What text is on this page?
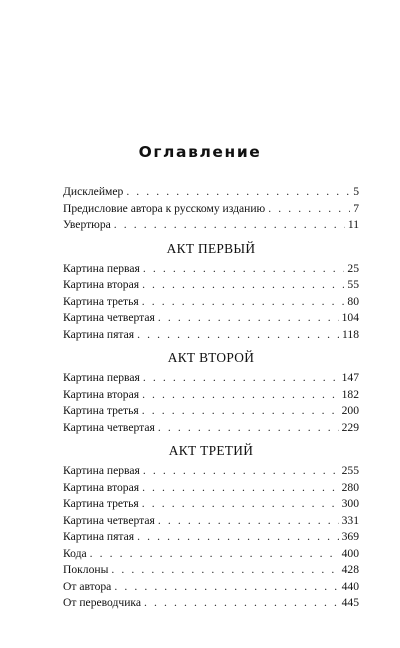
Оглавление
Дисклеймер . . .	5
Предисловие автора к русскому изданию . . .	7
Увертюра . . .	11
АКТ ПЕРВЫЙ
Картина первая . . .	25
Картина вторая . . .	55
Картина третья . . .	80
Картина четвертая . . .	104
Картина пятая . . .	118
АКТ ВТОРОЙ
Картина первая . . .	147
Картина вторая . . .	182
Картина третья . . .	200
Картина четвертая . . .	229
АКТ ТРЕТИЙ
Картина первая . . .	255
Картина вторая . . .	280
Картина третья . . .	300
Картина четвертая . . .	331
Картина пятая . . .	369
Кода . . .	400
Поклоны . . .	428
От автора . . .	440
От переводчика . . .	445
